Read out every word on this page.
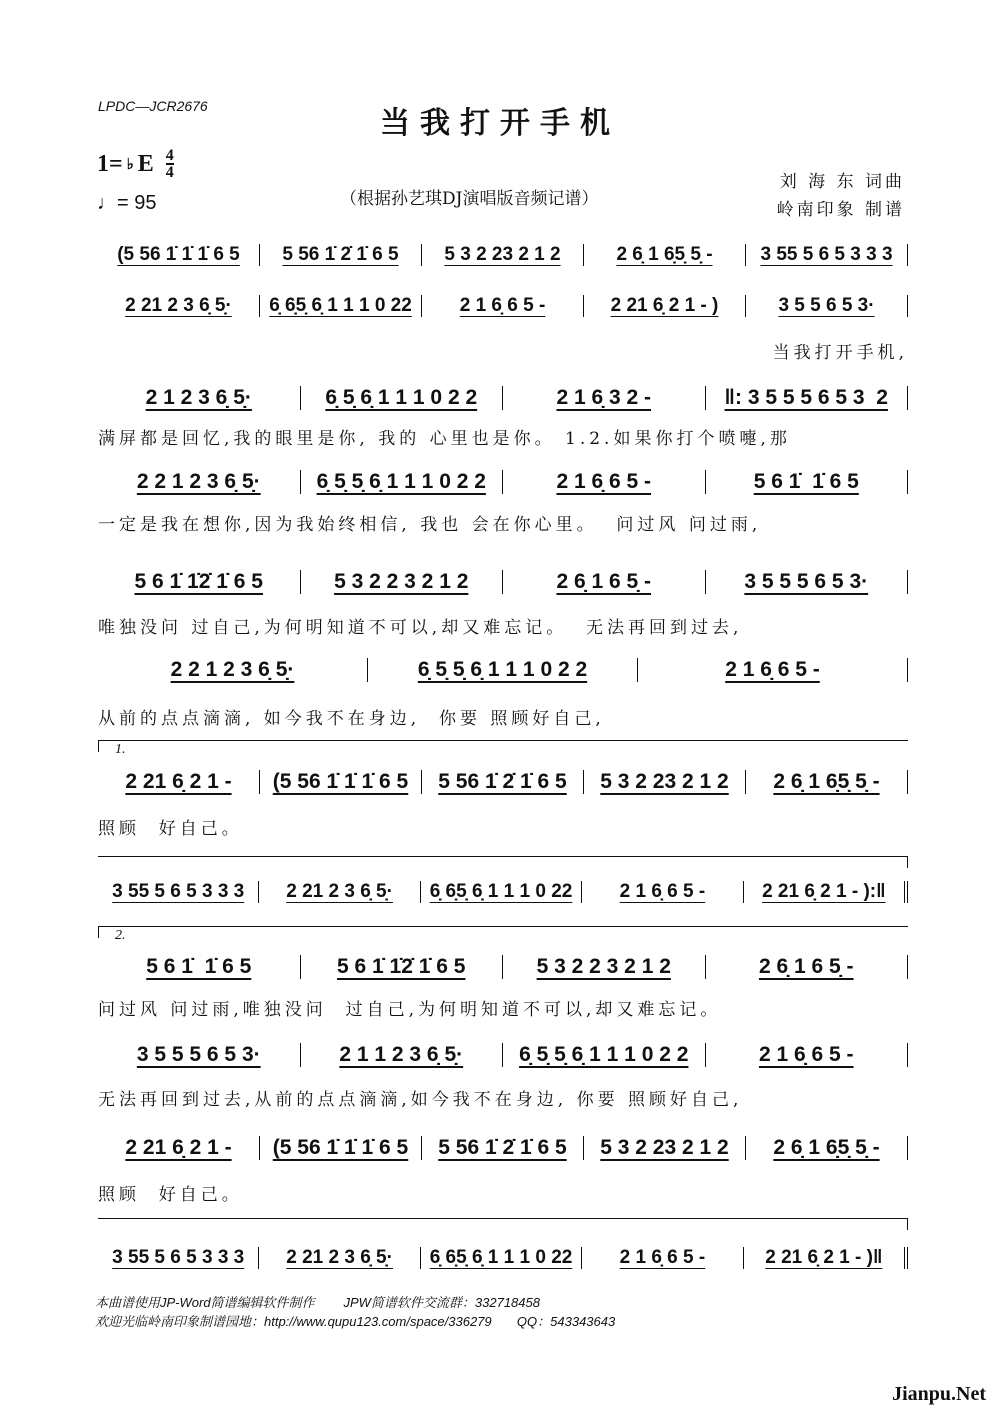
LPDC—JCR2676	当我打开手机
1= ♭ E $\frac{4}{4}$
♩= 95	（根据孙艺琪DJ演唱版音频记谱）
刘 海 东 词曲
岭南印象 制谱
(5 56 1̇ 1̇ 1̇ 6 5	5 56 1̇ 2̇ 1̇ 6 5	5 3 2 23 2 1 2	2 6̣ 1 6̣5̣ 5̣ -	3 55 5 6 5 3 3 3
2 21 2 3 6̣ 5̣·	6̣ 6̣5̣ 6̣ 1 1 1 0 22	2 1 6̣ 6 5 -	2 21 6̣ 2 1 - )	3 5 5 6 5 3·
当我打开手机,
2 1 2 3 6̣ 5̣·	6̣ 5̣ 6̣ 1 1 1 0 2 2	2 1 6̣ 3 2 -	‖: 3 5 5 5 6 5 3  2
满屏都是回忆,我的眼里是你, 我的 心里也是你。 1.2.如果你打个喷嚏,那
2 2 1 2 3 6̣ 5̣·	6̣ 5̣ 5̣ 6̣ 1 1 1 0 2 2	2 1 6̣ 6 5 -	5 6 1̇  1̇ 6 5
一定是我在想你,因为我始终相信, 我也 会在你心里。  问过风 问过雨,
5 6 1̇ 1̇2̇ 1̇ 6 5	5 3 2 2 3 2 1 2	2 6̣ 1 6 5̣ -	3 5 5 5 6 5 3·
唯独没问 过自己,为何明知道不可以,却又难忘记。  无法再回到过去,
2 2 1 2 3 6̣ 5̣·	6̣ 5̣ 5̣ 6̣ 1 1 1 0 2 2	2 1 6̣ 6 5 -
从前的点点滴滴, 如今我不在身边,  你要 照顾好自己,
2 21 6̣ 2 1 -	(5 56 1̇ 1̇ 1̇ 6 5	5 56 1̇ 2̇ 1̇ 6 5	5 3 2 23 2 1 2	2 6̣ 1 6̣5̣ 5̣ -
照顾  好自己。
3 55 5 6 5 3 3 3	2 21 2 3 6̣ 5̣·	6̣ 6̣5̣ 6̣ 1 1 1 0 22	2 1 6̣ 6 5 -	2 21 6̣ 2 1 - ):‖
5 6 1̇  1̇ 6 5	5 6 1̇ 1̇2̇ 1̇ 6 5	5 3 2 2 3 2 1 2	2 6̣ 1 6 5̣ -
问过风 问过雨,唯独没问  过自己,为何明知道不可以,却又难忘记。
3 5 5 5 6 5 3·	2 1 1 2 3 6̣ 5̣·	6̣ 5̣ 5̣ 6̣ 1 1 1 0 2 2	2 1 6̣ 6 5 -
无法再回到过去,从前的点点滴滴,如今我不在身边, 你要 照顾好自己,
2 21 6̣ 2 1 -	(5 56 1̇ 1̇ 1̇ 6 5	5 56 1̇ 2̇ 1̇ 6 5	5 3 2 23 2 1 2	2 6̣ 1 6̣5̣ 5̣ -
照顾  好自己。
3 55 5 6 5 3 3 3	2 21 2 3 6̣ 5̣·	6̣ 6̣5̣ 6̣ 1 1 1 0 22	2 1 6̣ 6 5 -	2 21 6̣ 2 1 - )‖
1.
2.
本曲谱使用JP-Word简谱编辑软件制作        JPW简谱软件交流群：332718458
欢迎光临岭南印象制谱园地：http://www.qupu123.com/space/336279       QQ：543343643
Jianpu.Net
